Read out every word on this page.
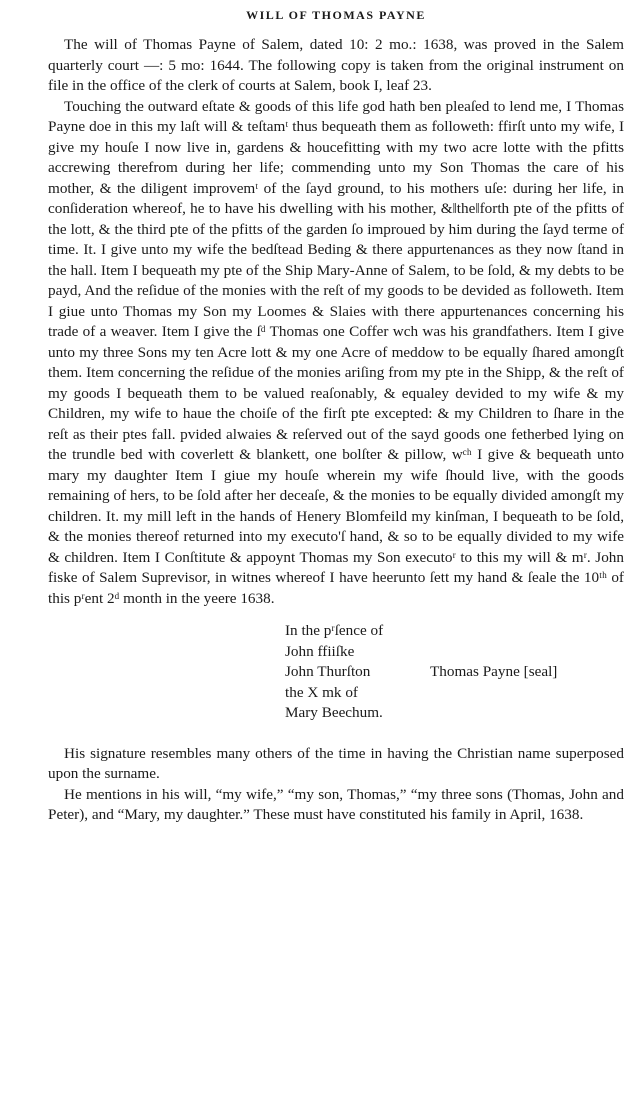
WILL OF THOMAS PAYNE

The will of Thomas Payne of Salem, dated 10: 2 mo.: 1638, was proved in the Salem quarterly court —: 5 mo: 1644. The following copy is taken from the original instrument on file in the office of the clerk of courts at Salem, book I, leaf 23.

Touching the outward eſtate & goods of this life god hath ben pleaſed to lend me, I Thomas Payne doe in this my laſt will & teſtamᵗ thus bequeath them as followeth: ffirſt unto my wife, I give my houſe I now live in, gardens & houcefitting with my two acre lotte with the pfitts accrewing therefrom during her life; commending unto my Son Thomas the care of his mother, & the diligent improvemᵗ of the ſayd ground, to his mothers uſe: during her life, in conſideration whereof, he to have his dwelling with his mother, &‖the‖forth pte of the pfitts of the lott, & the third pte of the pfitts of the garden ſo improued by him during the ſayd terme of time. It. I give unto my wife the bedſtead Beding & there appurtenances as they now ſtand in the hall. Item I bequeath my pte of the Ship Mary-Anne of Salem, to be ſold, & my debts to be payd, And the reſidue of the monies with the reſt of my goods to be devided as followeth. Item I giue unto Thomas my Son my Loomes & Slaies with there appurtenances concerning his trade of a weaver. Item I give the ſᵈ Thomas one Coffer wch was his grandfathers. Item I give unto my three Sons my ten Acre lott & my one Acre of meddow to be equally ſhared amongſt them. Item concerning the reſidue of the monies ariſing from my pte in the Shipp, & the reſt of my goods I bequeath them to be valued reaſonably, & equaley devided to my wife & my Children, my wife to haue the choiſe of the firſt pte excepted: & my Children to ſhare in the reſt as their ptes fall. pvided alwaies & reſerved out of the sayd goods one fetherbed lying on the trundle bed with coverlett & blankett, one bolſter & pillow, wᶜʰ I give & bequeath unto mary my daughter Item I giue my houſe wherein my wife ſhould live, with the goods remaining of hers, to be ſold after her deceaſe, & the monies to be equally divided amongſt my children. It. my mill left in the hands of Henery Blomfeild my kinſman, I bequeath to be ſold, & the monies thereof returned into my executo'ſ hand, & so to be equally divided to my wife & children. Item I Conſtitute & appoynt Thomas my Son executoʳ to this my will & mʳ. John fiske of Salem Suprevisor, in witnes whereof I have heerunto ſett my hand & ſeale the 10ᵗʰ of this pʳent 2ᵈ month in the yeere 1638.

In the pʳſence of
John ffiiſke
John Thurſton
the X mk of
Mary Beechum.
Thomas Payne [seal]

His signature resembles many others of the time in having the Christian name superposed upon the surname.

He mentions in his will, “my wife,” “my son, Thomas,” “my three sons (Thomas, John and Peter), and “Mary, my daughter.” These must have constituted his family in April, 1638.
